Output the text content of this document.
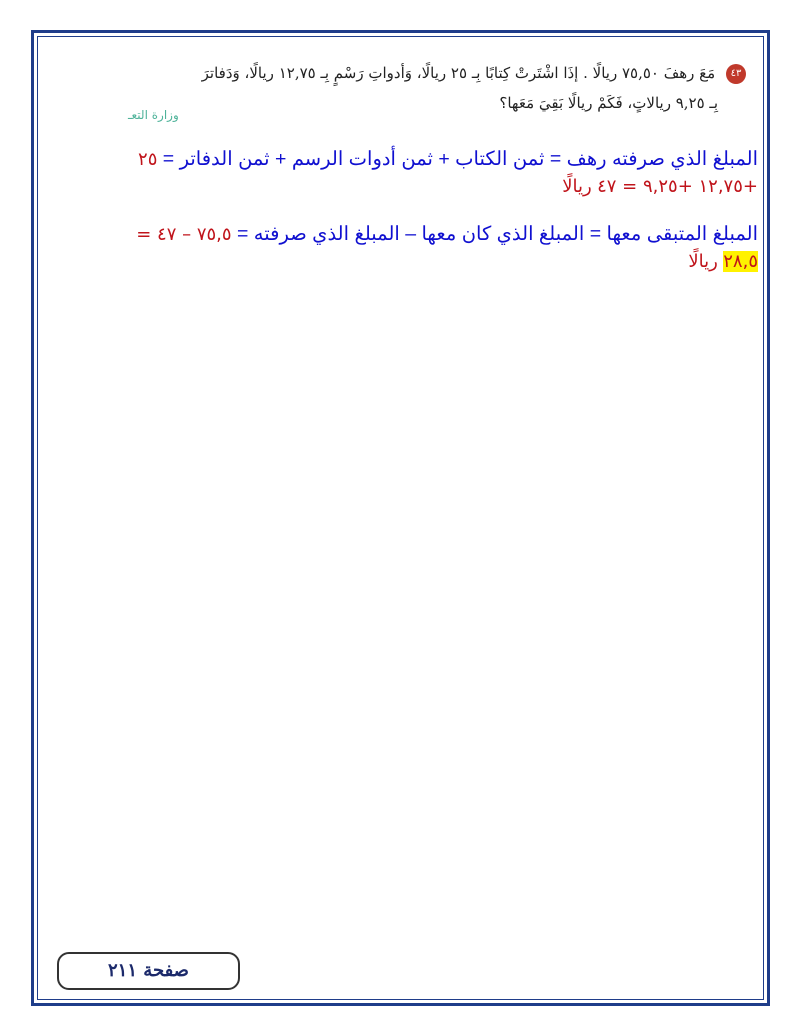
٤٣ مَعَ رهفَ ٧٥,٥٠ ريالًا . إذَا اشْتَرتْ كِتابًا بِـ ٢٥ ريالًا، وَأدواتِ رَسْمٍ بِـ ١٢,٧٥ ريالًا، وَدَفاترَ
بِـ ٩,٢٥ ريالاتٍ، فَكَمْ ريالًا بَقِيَ مَعَها؟
وزارة التعـ
المبلغ الذي صرفته رهف = ثمن الكتاب + ثمن أدوات الرسم + ثمن الدفاتر = ٢٥
+١٢,٧٥ +٩,٢٥ = ٤٧ ريالًا
المبلغ المتبقى معها = المبلغ الذي كان معها – المبلغ الذي صرفته = ٧٥,٥ – ٤٧ =
٢٨,٥ ريالًا
صفحة ٢١١
